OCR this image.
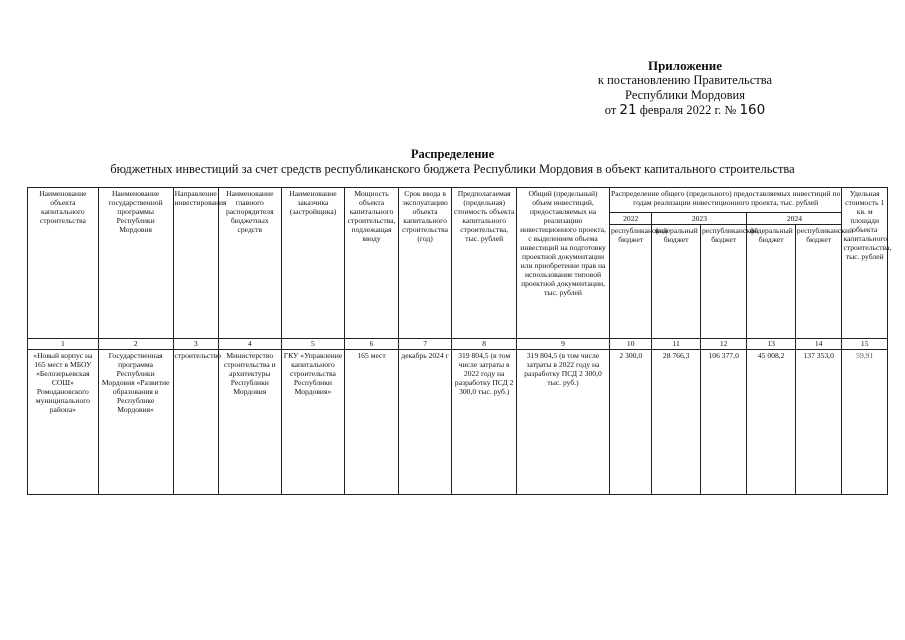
Приложение
к постановлению Правительства
Республики Мордовия
от 21 февраля 2022 г. № 160
Распределение
бюджетных инвестиций за счет средств республиканского бюджета Республики Мордовия в объект капитального строительства
Наименование объекта капитального строительства	Наименование государственной программы Республики Мордовия	Направление инвестирования	Наименование главного распорядителя бюджетных средств	Наименование заказчика (застройщика)	Мощность объекта капитального строительства, подлежащая вводу	Срок ввода в эксплуатацию объекта капитального строительства (год)	Предполагаемая (предельная) стоимость объекта капитального строительства, тыс. рублей	Общий (предельный) объем инвестиций, предоставляемых на реализацию инвестиционного проекта, с выделением объема инвестиций на подготовку проектной документации или приобретение прав на использование типовой проектной документации, тыс. рублей	Распределение общего (предельного) предоставляемых инвестиций по годам реализации инвестиционного проекта, тыс. рублей					Удельная стоимость 1 кв. м площади объекта капитального строительства, тыс. рублей
									2022	2023		2024		
									республиканский бюджет	федеральный бюджет	республиканский бюджет	федеральный бюджет	республиканский бюджет	
1	2	3	4	5	6	7	8	9	10	11	12	13	14	15
«Новый корпус на 165 мест в МБОУ «Белозерьевская СОШ» Ромодановского муниципального района»	Государственная программа Республики Мордовия «Развитие образования в Республике Мордовия»	строительство	Министерство строительства и архитектуры Республики Мордовия	ГКУ «Управление капитального строительства Республики Мордовия»	165 мест	декабрь 2024 г	319 804,5 (в том числе затраты в 2022 году на разработку ПСД 2 300,0 тыс. руб.)	319 804,5 (в том числе затраты в 2022 году на разработку ПСД 2 300,0 тыс. руб.)	2 300,0	28 766,3	106 377,0	45 008,2	137 353,0	59,91
